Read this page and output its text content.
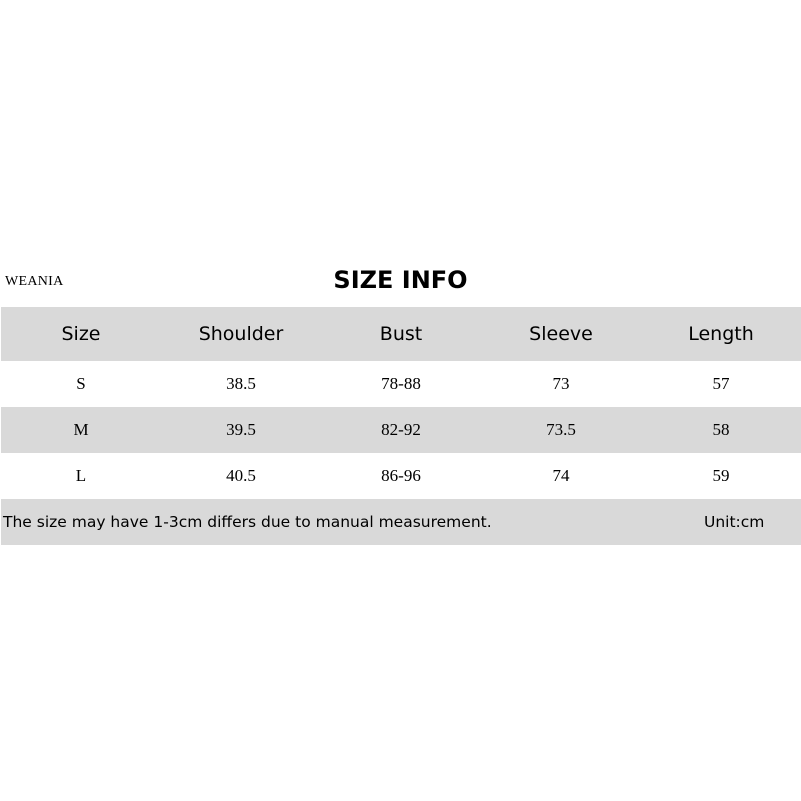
WEANIA	SIZE INFO
Size	Shoulder	Bust	Sleeve	Length
S	38.5	78-88	73	57
M	39.5	82-92	73.5	58
L	40.5	86-96	74	59
The size may have 1-3cm differs due to manual measurement.	Unit:cm
